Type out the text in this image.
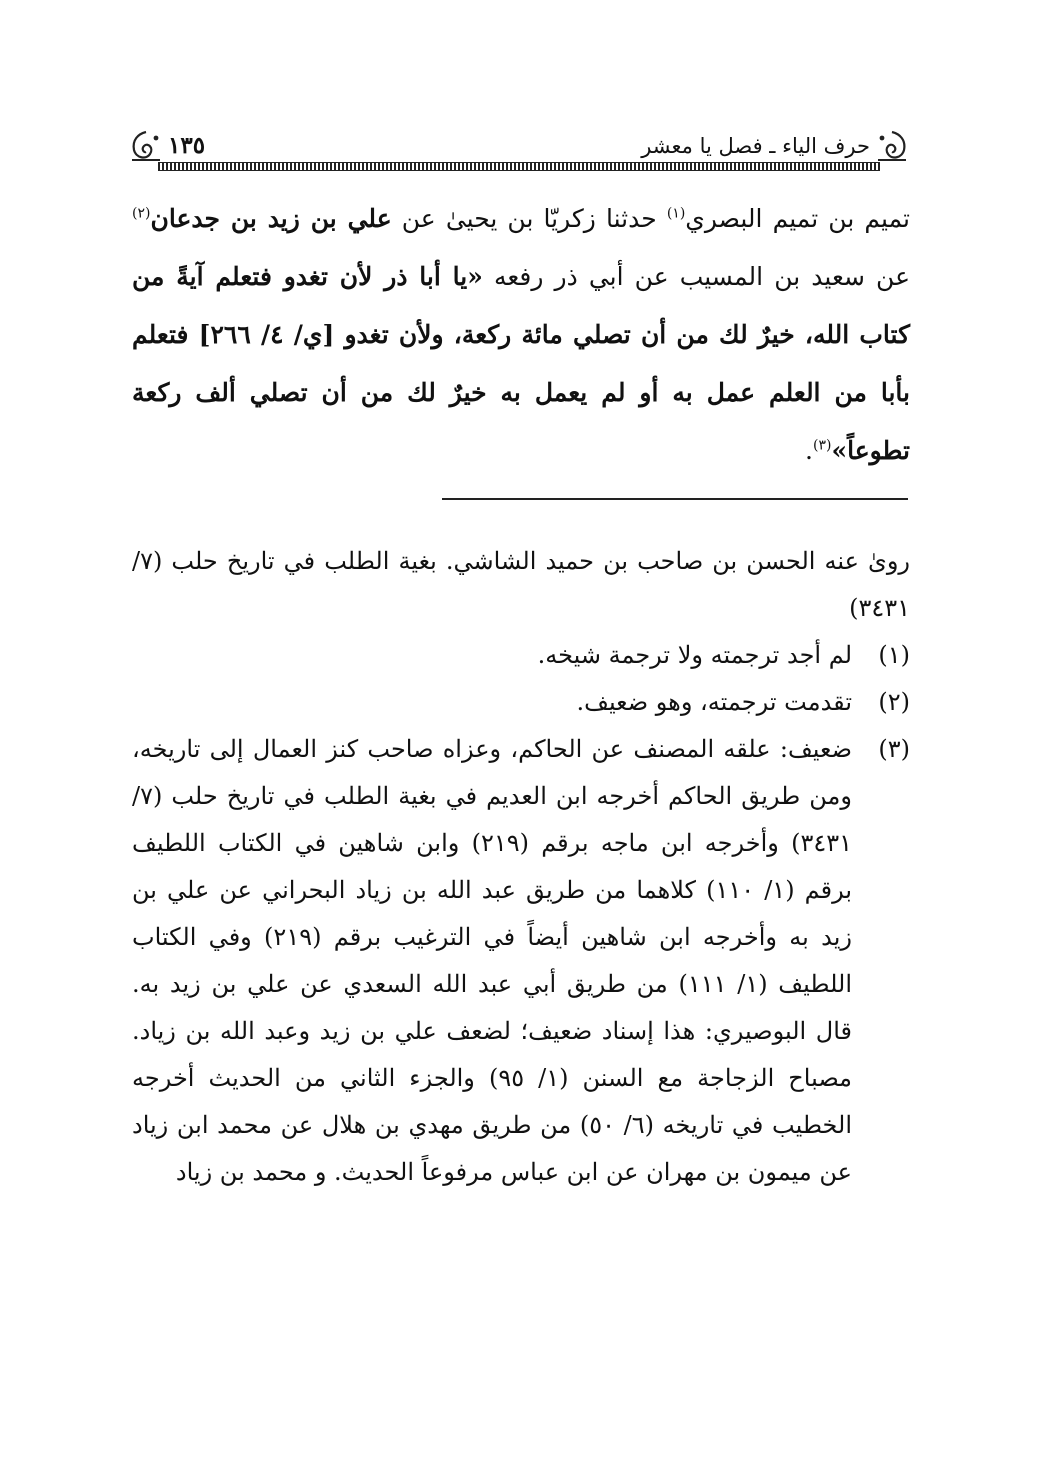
حرف الياء ـ فصل يا معشر
١٣٥

تميم بن تميم البصري$^{(١)}$ حدثنا زكريّا بن يحيىٰ عن علي بن زيد بن جدعان$^{(٢)}$ عن سعيد بن المسيب عن أبي ذر رفعه «يا أبا ذر لأن تغدو فتعلم آيةً من كتاب الله، خيرٌ لك من أن تصلي مائة ركعة، ولأن تغدو [ي/ ٤/ ٢٦٦] فتعلم بأبا من العلم عمل به أو لم يعمل به خيرٌ لك من أن تصلي ألف ركعة تطوعاً»$^{(٣)}$.

روىٰ عنه الحسن بن صاحب بن حميد الشاشي. بغية الطلب في تاريخ حلب (٧/ ٣٤٣١)

(١)

لم أجد ترجمته ولا ترجمة شيخه.

(٢)

تقدمت ترجمته، وهو ضعيف.

(٣)

ضعيف: علقه المصنف عن الحاكم، وعزاه صاحب كنز العمال إلى تاريخه، ومن طريق الحاكم أخرجه ابن العديم في بغية الطلب في تاريخ حلب (٧/ ٣٤٣١) وأخرجه ابن ماجه برقم (٢١٩) وابن شاهين في الكتاب اللطيف برقم (١/ ١١٠) كلاهما من طريق عبد الله بن زياد البحراني عن علي بن زيد به وأخرجه ابن شاهين أيضاً في الترغيب برقم (٢١٩) وفي الكتاب اللطيف (١/ ١١١) من طريق أبي عبد الله السعدي عن علي بن زيد به. قال البوصيري: هذا إسناد ضعيف؛ لضعف علي بن زيد وعبد الله بن زياد. مصباح الزجاجة مع السنن (١/ ٩٥) والجزء الثاني من الحديث أخرجه الخطيب في تاريخه (٦/ ٥٠) من طريق مهدي بن هلال عن محمد ابن زياد عن ميمون بن مهران عن ابن عباس مرفوعاً الحديث. و محمد بن زياد
